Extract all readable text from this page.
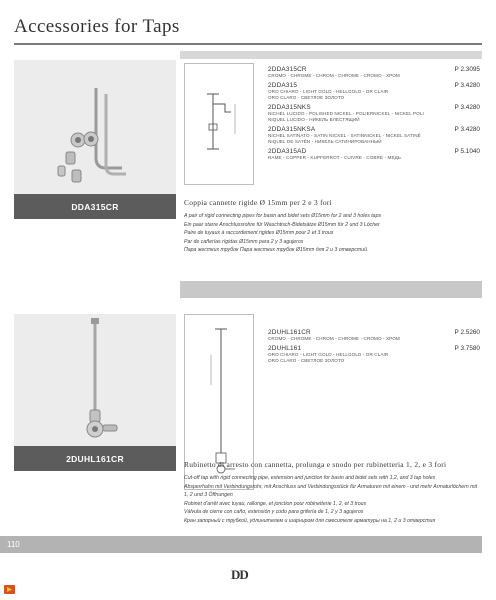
Accessories for Taps
DDA315CR
2DDA315CR	P 2.3095
CROMO - CHROME - CHROM - CHROME - CROMO - ХРОМ
2DDA315	P 3.4280
ORO CHIARO - LIGHT GOLD - HELLGOLD - OR CLAIR
ORO CLARO - СВЕТЛОЕ ЗОЛОТО
2DDA315NKS	P 3.4280
NICHEL LUCIDO - POLISHED NICKEL - POLIERNICKEL - NICKEL POLI
NIQUEL LUCIDO - НИКЕЛЬ БЛЕСТЯЩИЙ
2DDA315NKSA	P 3.4280
NICHEL SATINATO - SATIN NICKEL - SATINNICKEL - NICKEL SATINÉ
NIQUEL DE SATÉN - НИКЕЛЬ САТИНИРОВАННЫЙ
2DDA315AD	P 5.1040
RAME - COPPER - KUPFERROT - CUIVRE - COBRE - МЕДЬ
Coppia cannette rigide Ø 15mm per 2 e 3 fori
A pair of rigid connecting pipes for basin and bidet sets Ø15mm for 2 and 3 holes taps
Ein paar starre Anschlussrohre für Waschtisch-Bidetsätze Ø15mm für 2 und 3 Löcher
Paire de tuyaux à raccordement rigides Ø15mm pour 2 et 3 trous
Par de cañerías rígidas Ø15mm para 2 y 3 agujeros
Пара жестких трубок Пара жестких трубок Ø15mm для 2 и 3 отверстий
2DUHL161CR
2DUHL161CR	P 2.5260
CROMO - CHROME - CHROM - CHROME - CROMO - ХРОМ
2DUHL161	P 3.7580
ORO CHIARO - LIGHT GOLD - HELLGOLD - OR CLAIR
ORO CLARO - СВЕТЛОЕ ЗОЛОТО
Rubinetto di arresto con cannetta, prolunga e snodo per rubinetteria 1, 2, e 3 fori
Cut-off tap with rigid connecting pipe, extension and junction for basin and bidet sets with 1,2, and 3 tap holes
Absperrhahn mit Verbindungsrohr, mit Anschluss und Verbindungsstück für Armaturen mit einem - und mehr Armaturlöchern mit 1, 2 und 3 Öffnungen
Robinet d'arrêt avec tuyau, rallonge, et jonction pour robinetterie 1, 2, et 3 trous
Válvula de cierre con caño, extensión y codo para grifería de 1, 2 y 3 agujeros
Кран запорный с трубкой, удлинителем и шарниром для смесителя арматуры на 1, 2 и 3 отверстия
110
DD
